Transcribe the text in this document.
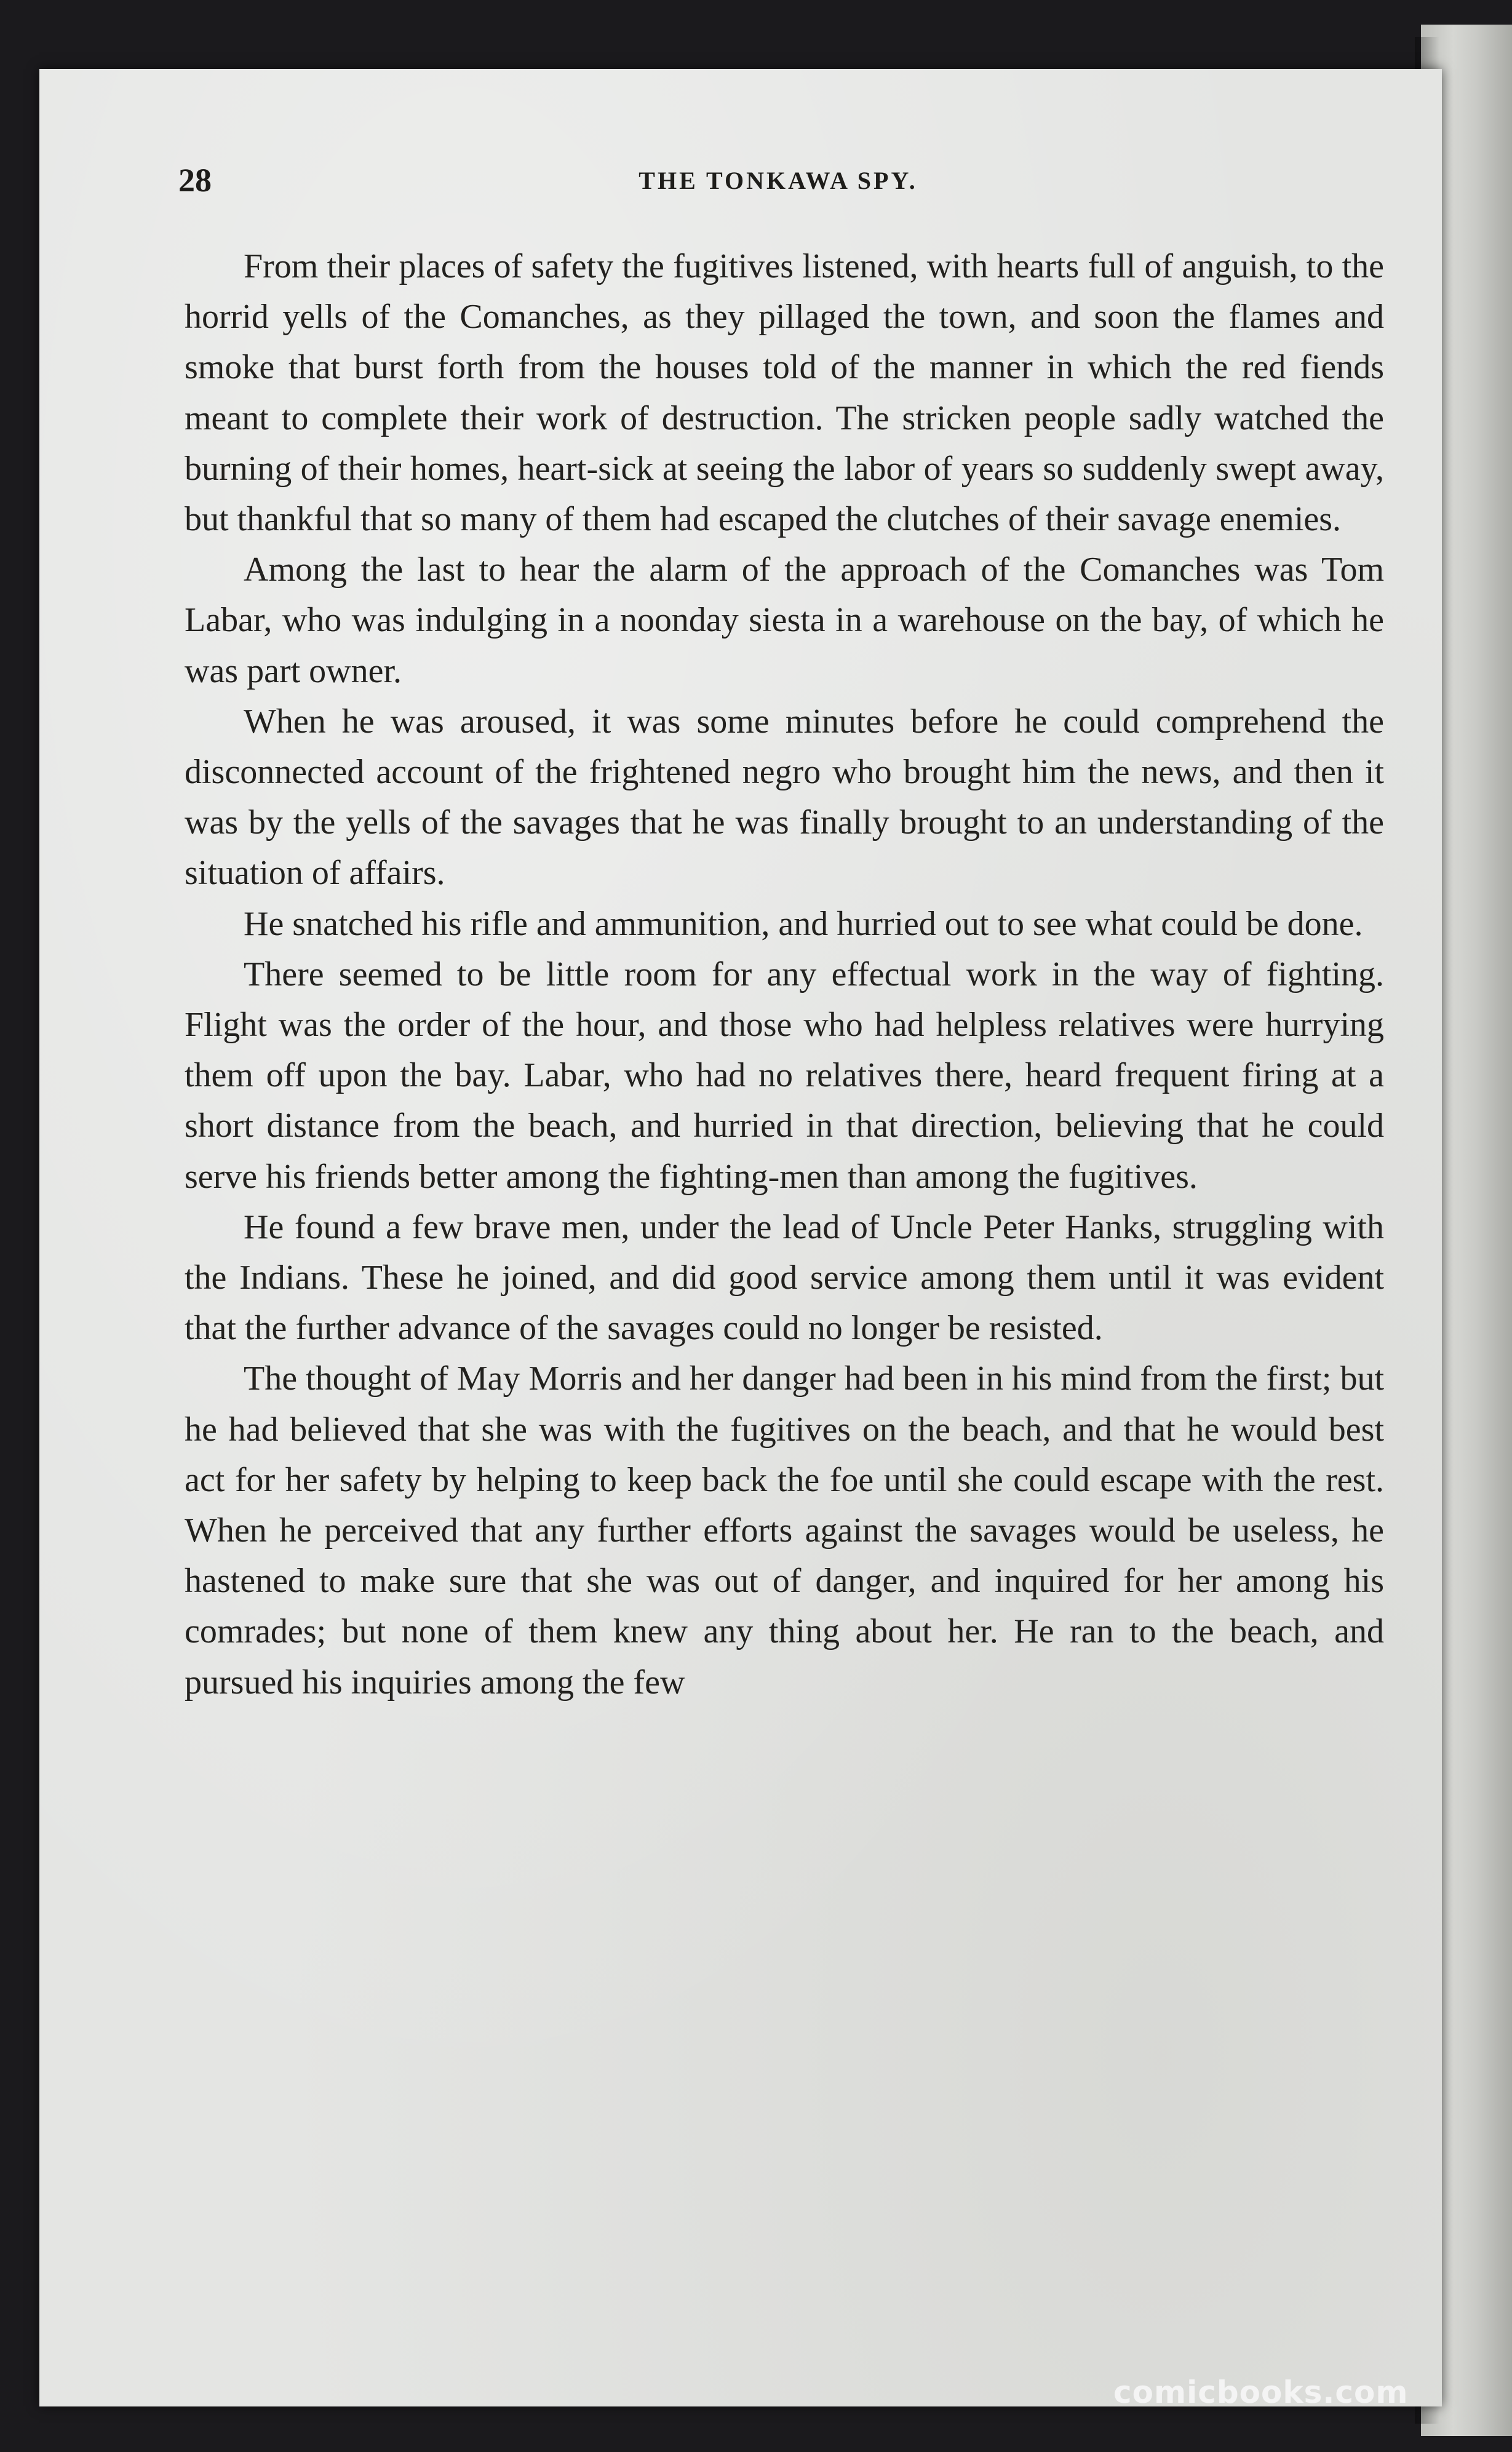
28	THE TONKAWA SPY.

From their places of safety the fugitives listened, with hearts full of anguish, to the horrid yells of the Comanches, as they pillaged the town, and soon the flames and smoke that burst forth from the houses told of the manner in which the red fiends meant to complete their work of destruction. The stricken people sadly watched the burning of their homes, heart-sick at seeing the labor of years so suddenly swept away, but thankful that so many of them had escaped the clutches of their savage enemies.

Among the last to hear the alarm of the approach of the Comanches was Tom Labar, who was indulging in a noonday siesta in a warehouse on the bay, of which he was part owner.

When he was aroused, it was some minutes before he could comprehend the disconnected account of the frightened negro who brought him the news, and then it was by the yells of the savages that he was finally brought to an understanding of the situation of affairs.

He snatched his rifle and ammunition, and hurried out to see what could be done.

There seemed to be little room for any effectual work in the way of fighting. Flight was the order of the hour, and those who had helpless relatives were hurrying them off upon the bay. Labar, who had no relatives there, heard frequent firing at a short distance from the beach, and hurried in that direction, believing that he could serve his friends better among the fighting-men than among the fugitives.

He found a few brave men, under the lead of Uncle Peter Hanks, struggling with the Indians. These he joined, and did good service among them until it was evident that the further advance of the savages could no longer be resisted.

The thought of May Morris and her danger had been in his mind from the first; but he had believed that she was with the fugitives on the beach, and that he would best act for her safety by helping to keep back the foe until she could escape with the rest. When he perceived that any further efforts against the savages would be useless, he hastened to make sure that she was out of danger, and inquired for her among his comrades; but none of them knew any thing about her. He ran to the beach, and pursued his inquiries among the few

comicbooks.com
